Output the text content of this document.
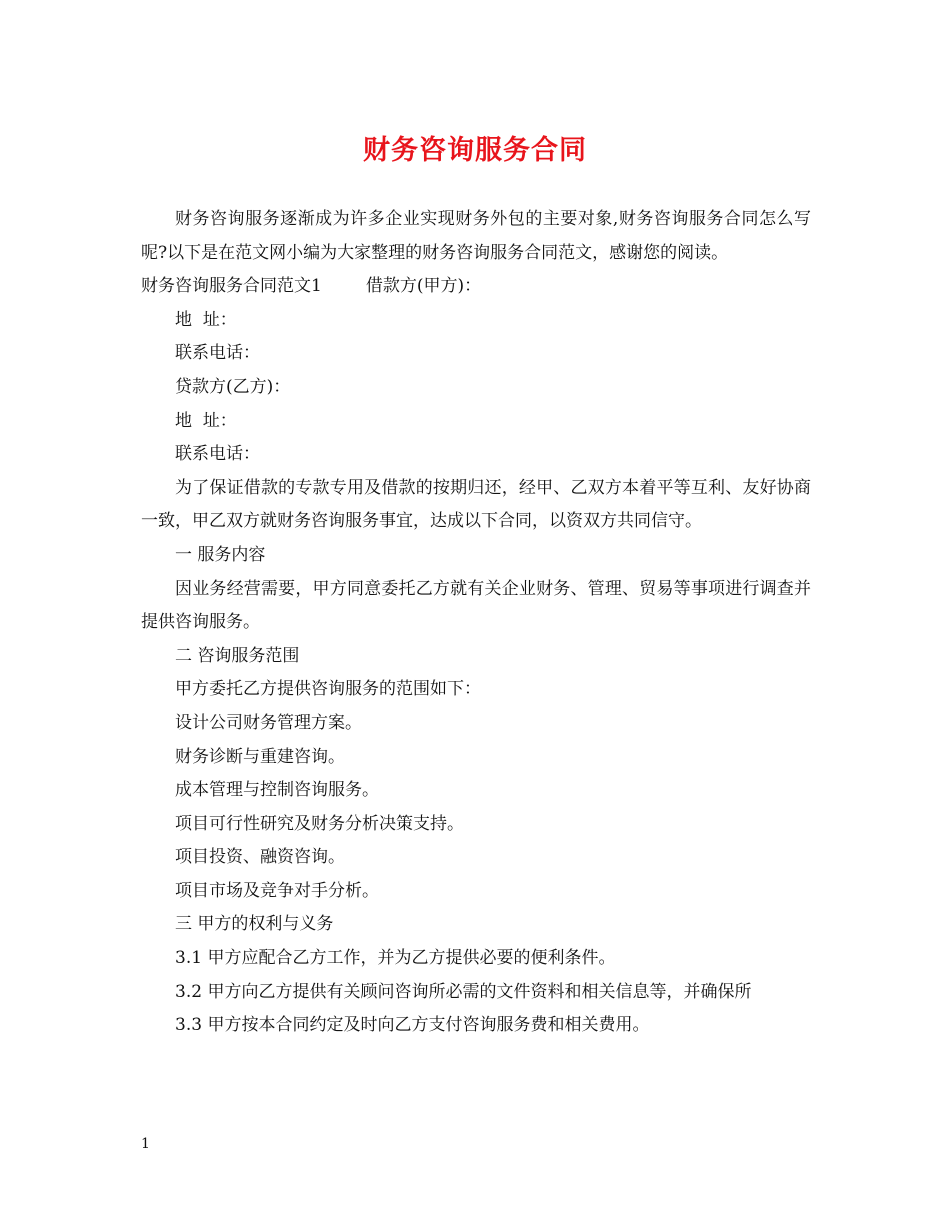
财务咨询服务合同

财务咨询服务逐渐成为许多企业实现财务外包的主要对象,财务咨询服务合同怎么写呢?以下是在范文网小编为大家整理的财务咨询服务合同范文，感谢您的阅读。

财务咨询服务合同范文1	借款方(甲方)：

地  址：

联系电话：

贷款方(乙方)：

地  址：

联系电话：

为了保证借款的专款专用及借款的按期归还，经甲、乙双方本着平等互利、友好协商一致，甲乙双方就财务咨询服务事宜，达成以下合同，以资双方共同信守。

一 服务内容

因业务经营需要，甲方同意委托乙方就有关企业财务、管理、贸易等事项进行调查并提供咨询服务。

二 咨询服务范围

甲方委托乙方提供咨询服务的范围如下：

设计公司财务管理方案。

财务诊断与重建咨询。

成本管理与控制咨询服务。

项目可行性研究及财务分析决策支持。

项目投资、融资咨询。

项目市场及竞争对手分析。

三 甲方的权利与义务

3.1 甲方应配合乙方工作，并为乙方提供必要的便利条件。

3.2 甲方向乙方提供有关顾问咨询所必需的文件资料和相关信息等，并确保所

3.3 甲方按本合同约定及时向乙方支付咨询服务费和相关费用。

1
